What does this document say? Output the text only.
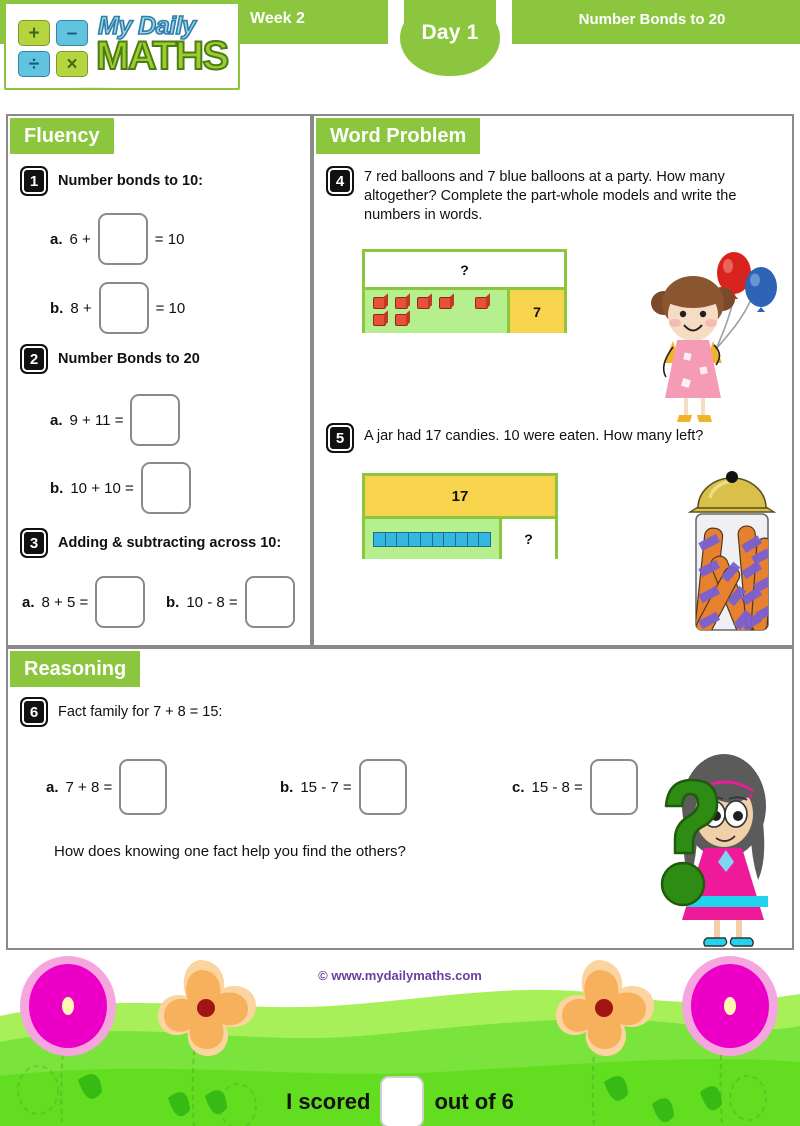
Day 1
Week 2	Number Bonds to 20
+	–
÷	×
My Daily
MATHS
Fluency
1	Number bonds to 10:
a. 6 +	= 10
b. 8 +	= 10
2	Number Bonds to 20
a. 9 + 11 =
b. 10 + 10 =
3	Adding & subtracting across 10:
a. 8 + 5 =	b. 10 - 8 =
Word Problem
4	7 red balloons and 7 blue balloons at a party. How many altogether? Complete the part-whole models and write the numbers in words.
?
7
5	A jar had 17 candies. 10 were eaten. How many left?
17
?
Reasoning
6	Fact family for 7 + 8 = 15:
a. 7 + 8 =	b. 15 - 7 =	c. 15 - 8 =
How does knowing one fact help you find the others?
© www.mydailymaths.com
I scored	out of 6
